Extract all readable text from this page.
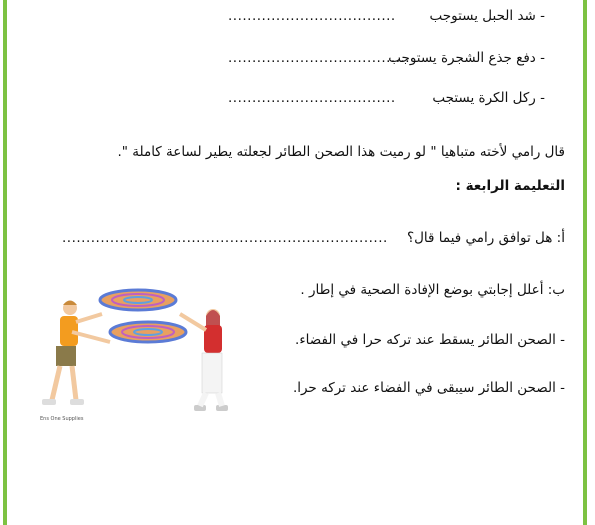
- شد الحبل يستوجب
...................................
- دفع جذع الشجرة يستوجب
......................................
- ركل الكرة يستجب
...................................
قال رامي لأخته متباهيا " لو رميت هذا الصحن الطائر لجعلته يطير لساعة كاملة ".
التعليمة الرابعة :
أ: هل توافق رامي فيما قال؟
....................................................................
ب: أعلل إجابتي بوضع الإفادة الصحية في إطار .
- الصحن الطائر يسقط عند تركه حرا في الفضاء.
- الصحن الطائر سيبقى في الفضاء عند تركه حرا.
Ens One Supplies
